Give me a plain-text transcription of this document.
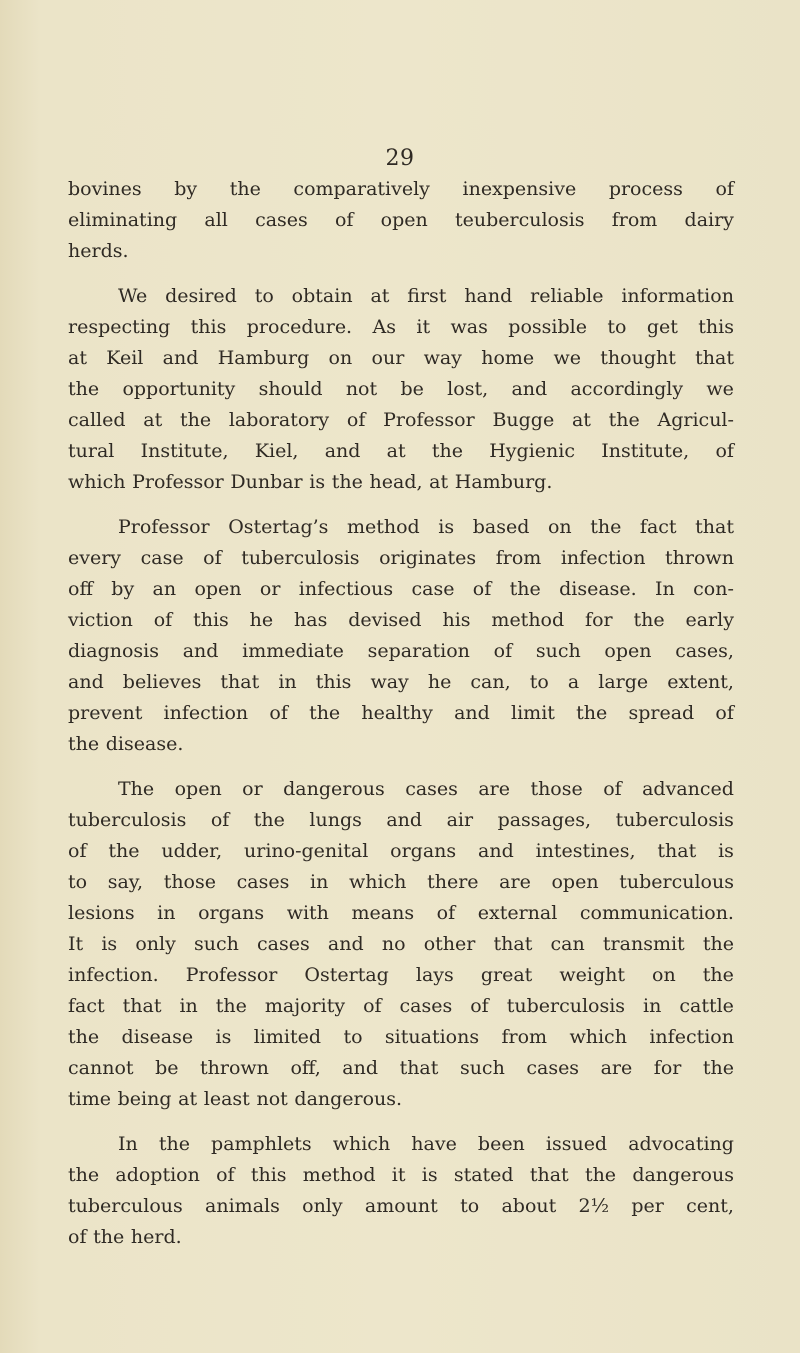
29
bovines by the comparatively inexpensive process of
eliminating all cases of open teuberculosis from dairy
herds.
We desired to obtain at first hand reliable information
respecting this procedure. As it was possible to get this
at Keil and Hamburg on our way home we thought that
the opportunity should not be lost, and accordingly we
called at the laboratory of Professor Bugge at the Agricul-
tural Institute, Kiel, and at the Hygienic Institute, of
which Professor Dunbar is the head, at Hamburg.
Professor Ostertag’s method is based on the fact that
every case of tuberculosis originates from infection thrown
off by an open or infectious case of the disease. In con-
viction of this he has devised his method for the early
diagnosis and immediate separation of such open cases,
and believes that in this way he can, to a large extent,
prevent infection of the healthy and limit the spread of
the disease.
The open or dangerous cases are those of advanced
tuberculosis of the lungs and air passages, tuberculosis
of the udder, urino-genital organs and intestines, that is
to say, those cases in which there are open tuberculous
lesions in organs with means of external communication.
It is only such cases and no other that can transmit the
infection. Professor Ostertag lays great weight on the
fact that in the majority of cases of tuberculosis in cattle
the disease is limited to situations from which infection
cannot be thrown off, and that such cases are for the
time being at least not dangerous.
In the pamphlets which have been issued advocating
the adoption of this method it is stated that the dangerous
tuberculous animals only amount to about 2½ per cent,
of the herd.
